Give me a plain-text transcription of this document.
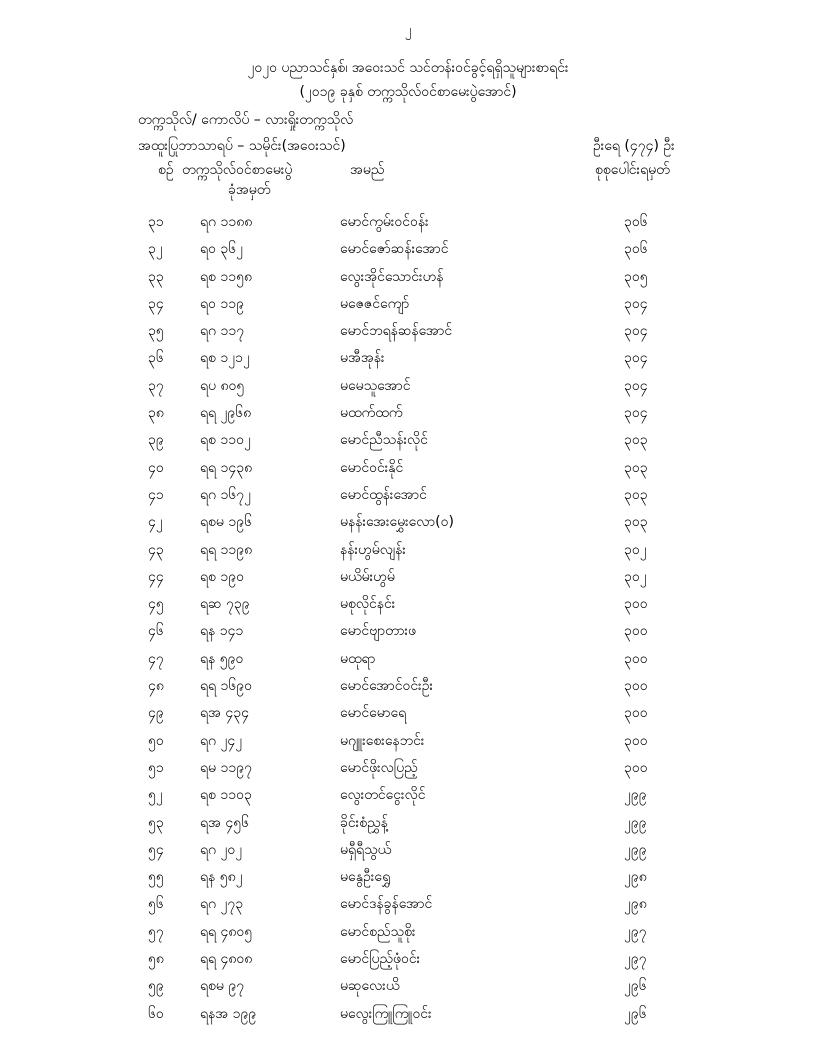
၂
၂၀၂၀ ပညာသင်နှစ်၊ အဝေးသင် သင်တန်းဝင်ခွင့်ရရှိသူများစာရင်း
(၂၀၁၉ ခုနှစ် တက္ကသိုလ်ဝင်စာမေးပွဲအောင်)
တက္ကသိုလ်/ ကောလိပ် – လားရှိုးတက္ကသိုလ်
အထူးပြုဘာသာရပ် – သမိုင်း(အဝေးသင်)	ဦးရေ (၄၇၄) ဦး
စဉ် တက္ကသိုလ်ဝင်စာမေးပွဲ
ခုံအမှတ်
အမည်	စုစုပေါင်းရမှတ်
၃၁	ရဂ ၁၁၈၈	မောင်ကွမ်းဝင်ဝန်း	၃၀၆
၃၂	ရဝ ၃၆၂	မောင်ဇော်ဆန်းအောင်	၃၀၆
၃၃	ရစ ၁၁၅၈	လွေးအိုင်သောင်းဟန်	၃၀၅
၃၄	ရဝ ၁၁၉	မဇေဇင်ကျော်	၃၀၄
၃၅	ရဂ ၁၁၇	မောင်ဘရန်ဆန်အောင်	၃၀၄
၃၆	ရစ ၁၂၁၂	မအီအုန်း	၃၀၄
၃၇	ရပ ၈၀၅	မမေသူအောင်	၃၀၄
၃၈	ရရ ၂၉၆၈	မထက်ထက်	၃၀၄
၃၉	ရစ ၁၁၀၂	မောင်ညီသန်းလိုင်	၃၀၃
၄၀	ရရ ၁၄၃၈	မောင်ဝင်းနိုင်	၃၀၃
၄၁	ရဂ ၁၆၇၂	မောင်ထွန်းအောင်	၃၀၃
၄၂	ရစမ ၁၉၆	မနန်းအေးမွှေးလော(ဝ)	၃၀၃
၄၃	ရရ ၁၁၉၈	နန်းဟွမ်လျန်း	၃၀၂
၄၄	ရစ ၁၉၀	မယိမ်းဟွမ်	၃၀၂
၄၅	ရဆ ၇၃၉	မစုလိုင်နင်း	၃၀၀
၄၆	ရန ၁၄၁	မောင်ဗျာတားဖ	၃၀၀
၄၇	ရန ၅၉၀	မထုရာ	၃၀၀
၄၈	ရရ ၁၆၉၀	မောင်အောင်ဝင်းဦး	၃၀၀
၄၉	ရအ ၄၃၄	မောင်မောရေ	၃၀၀
၅၀	ရဂ ၂၄၂	မဂျူးစေးနေဘင်း	၃၀၀
၅၁	ရမ ၁၁၉၇	မောင်ဖိုးလပြည့်	၃၀၀
၅၂	ရစ ၁၁၀၃	လွေးတင်ငွေးလိုင်	၂၉၉
၅၃	ရအ ၄၅၆	ခိုင်းစံညွှန့်	၂၉၉
၅၄	ရဂ ၂၀၂	မရှီရီသွယ်	၂၉၉
၅၅	ရန ၅၈၂	မနွေဦးရွှေ	၂၉၈
၅၆	ရဂ ၂၇၃	မောင်ဒန်ခွန်အောင်	၂၉၈
၅၇	ရရ ၄၈၀၅	မောင်စည်သူစိုး	၂၉၇
၅၈	ရရ ၄၈၀၈	မောင်ပြည့်ဖုံဝင်း	၂၉၇
၅၉	ရစမ ၉၇	မဆုလေးယိ	၂၉၆
၆၀	ရနအ ၁၉၉	မလွေးကြူကြူဝင်း	၂၉၆
